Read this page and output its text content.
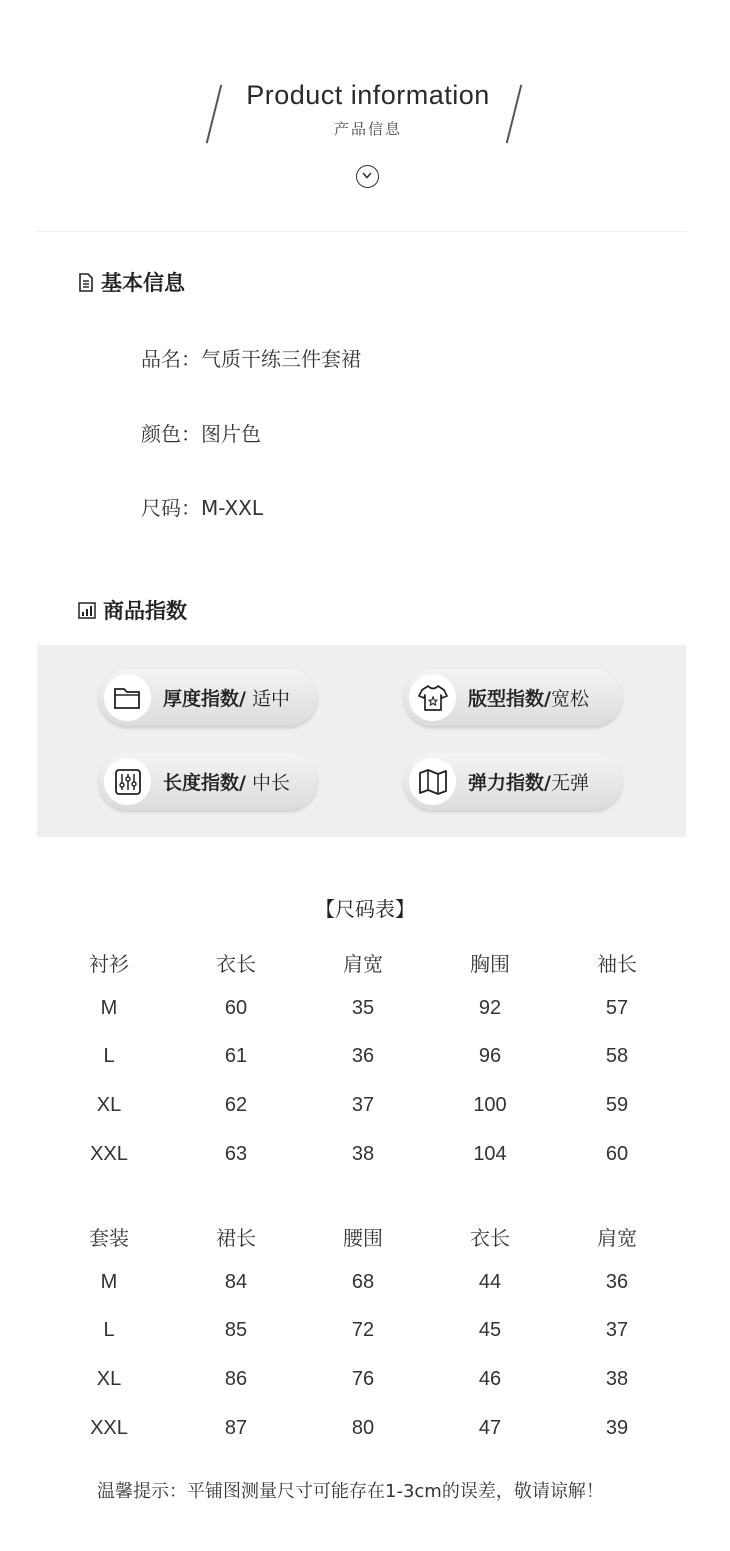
Product information
产品信息
基本信息
品名：气质干练三件套裙
颜色：图片色
尺码：M-XXL
商品指数
厚度指数/ 适中	版型指数/宽松
长度指数/ 中长	弹力指数/无弹
【尺码表】
衬衫	衣长	肩宽	胸围	袖长
M	60	35	92	57
L	61	36	96	58
XL	62	37	100	59
XXL	63	38	104	60
套装	裙长	腰围	衣长	肩宽
M	84	68	44	36
L	85	72	45	37
XL	86	76	46	38
XXL	87	80	47	39
温馨提示：平铺图测量尺寸可能存在1-3cm的误差，敬请谅解！
